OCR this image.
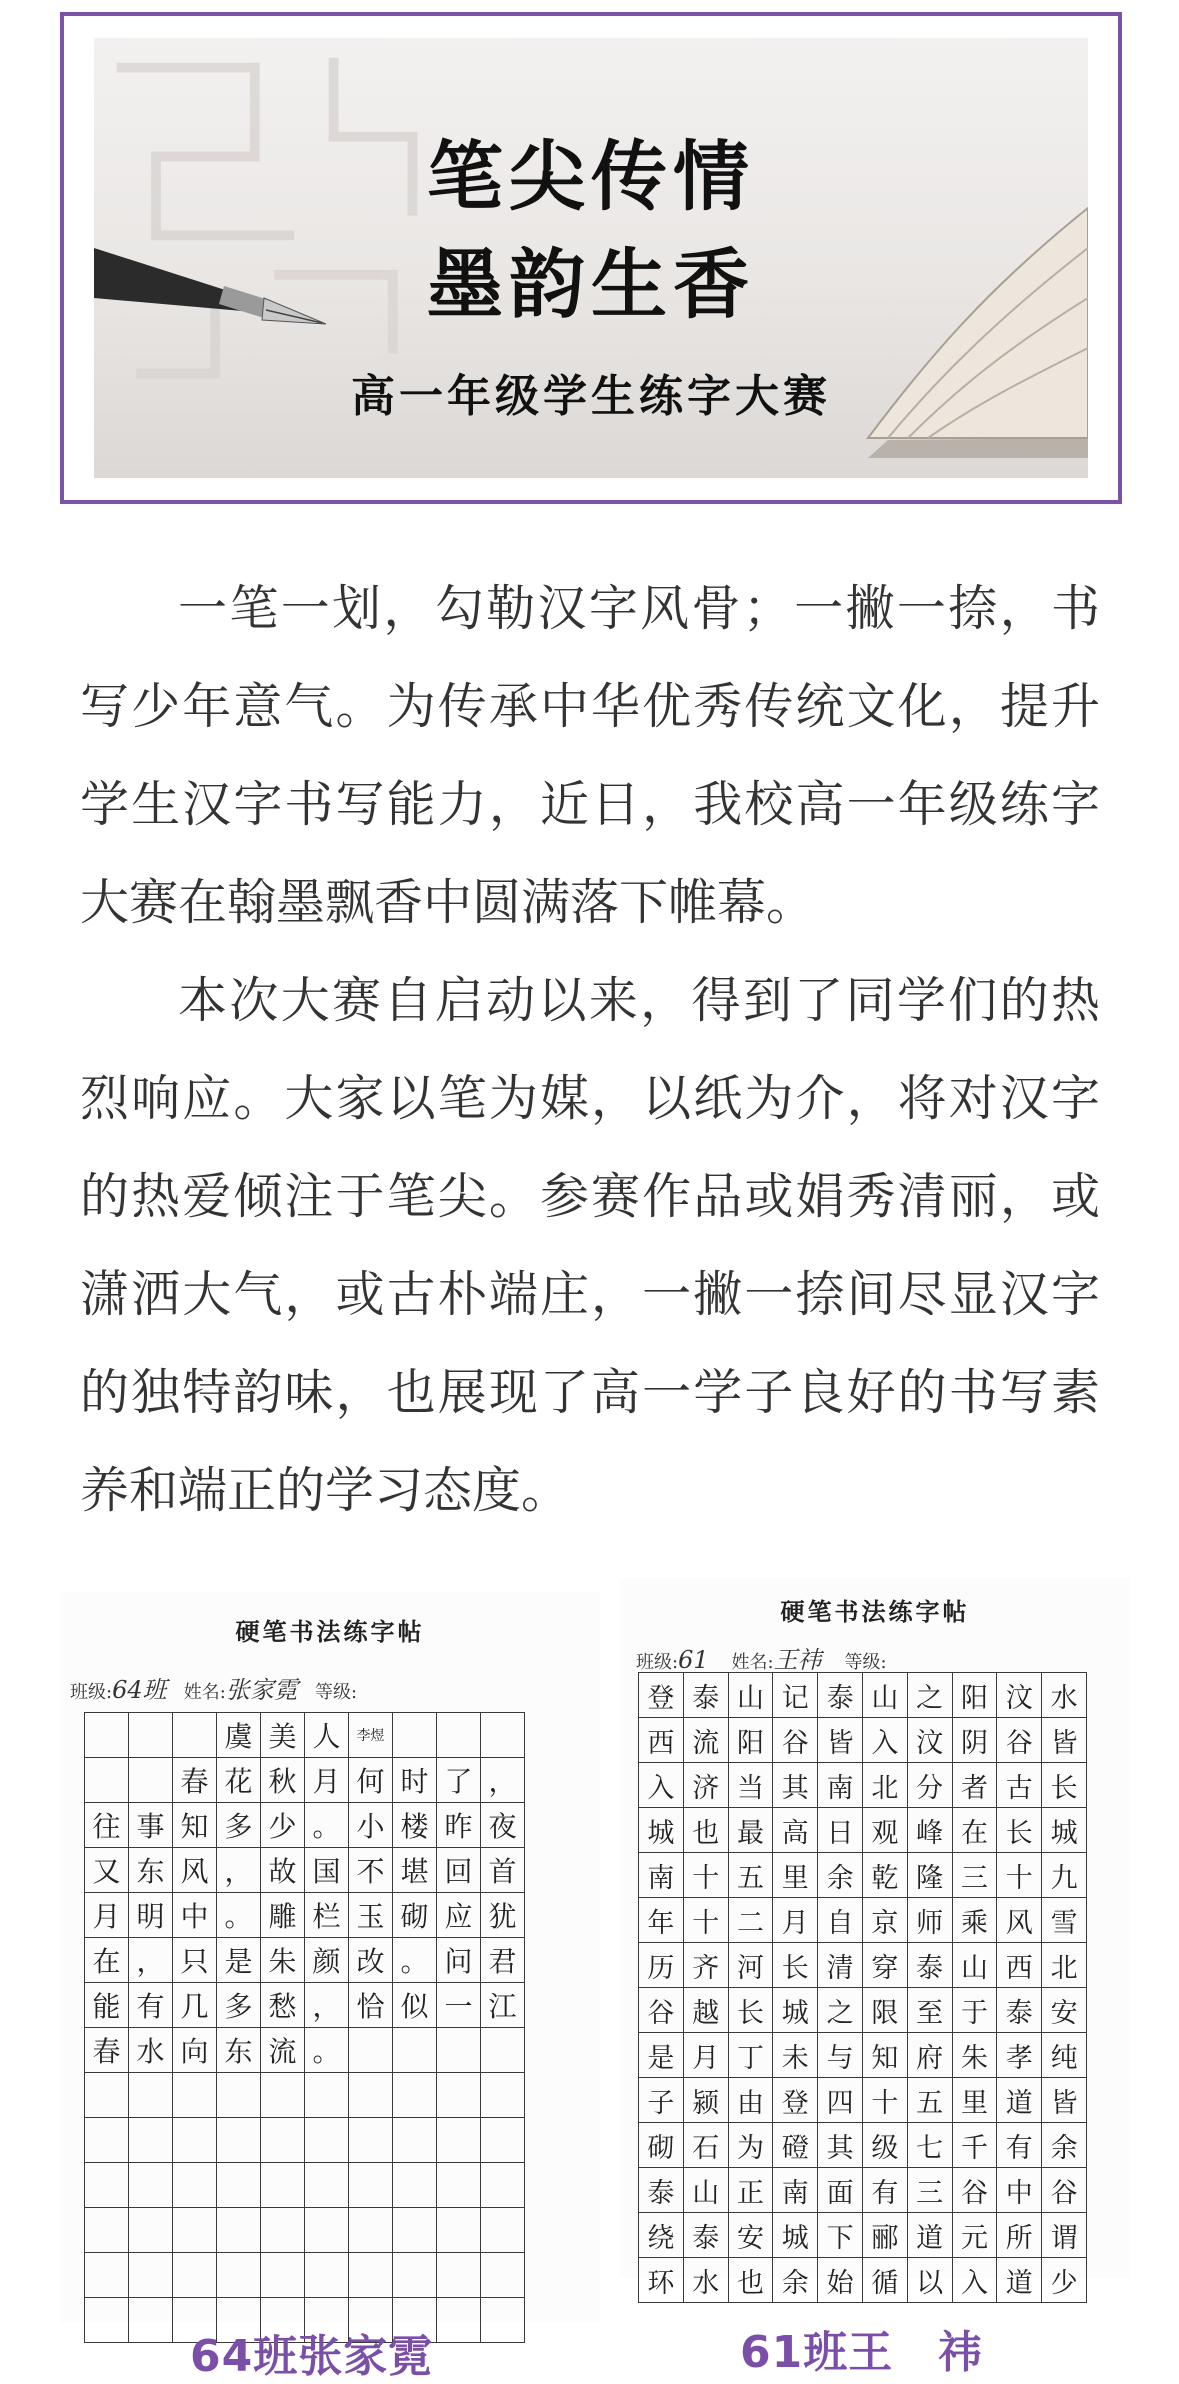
笔尖传情
墨韵生香
高一年级学生练字大赛

一笔一划，勾勒汉字风骨；一撇一捺，书写少年意气。为传承中华优秀传统文化，提升学生汉字书写能力，近日，我校高一年级练字大赛在翰墨飘香中圆满落下帷幕。

本次大赛自启动以来，得到了同学们的热烈响应。大家以笔为媒，以纸为介，将对汉字的热爱倾注于笔尖。参赛作品或娟秀清丽，或潇洒大气，或古朴端庄，一撇一捺间尽显汉字的独特韵味，也展现了高一学子良好的书写素养和端正的学习态度。

硬笔书法练字帖
班级:64班 姓名:张家霓 等级:
			虞	美	人	李煜			
		春	花	秋	月	何	时	了	，
往	事	知	多	少	。	小	楼	昨	夜
又	东	风	，	故	国	不	堪	回	首
月	明	中	。	雕	栏	玉	砌	应	犹
在	，	只	是	朱	颜	改	。	问	君
能	有	几	多	愁	，	恰	似	一	江
春	水	向	东	流	。				

64班张家霓
硬笔书法练字帖
班级:61 姓名:王祎 等级:
登	泰	山	记	泰	山	之	阳	汶	水
西	流	阳	谷	皆	入	汶	阴	谷	皆
入	济	当	其	南	北	分	者	古	长
城	也	最	高	日	观	峰	在	长	城
南	十	五	里	余	乾	隆	三	十	九
年	十	二	月	自	京	师	乘	风	雪
历	齐	河	长	清	穿	泰	山	西	北
谷	越	长	城	之	限	至	于	泰	安
是	月	丁	未	与	知	府	朱	孝	纯
子	颍	由	登	四	十	五	里	道	皆
砌	石	为	磴	其	级	七	千	有	余
泰	山	正	南	面	有	三	谷	中	谷
绕	泰	安	城	下	郦	道	元	所	谓
环	水	也	余	始	循	以	入	道	少
61班王　祎
